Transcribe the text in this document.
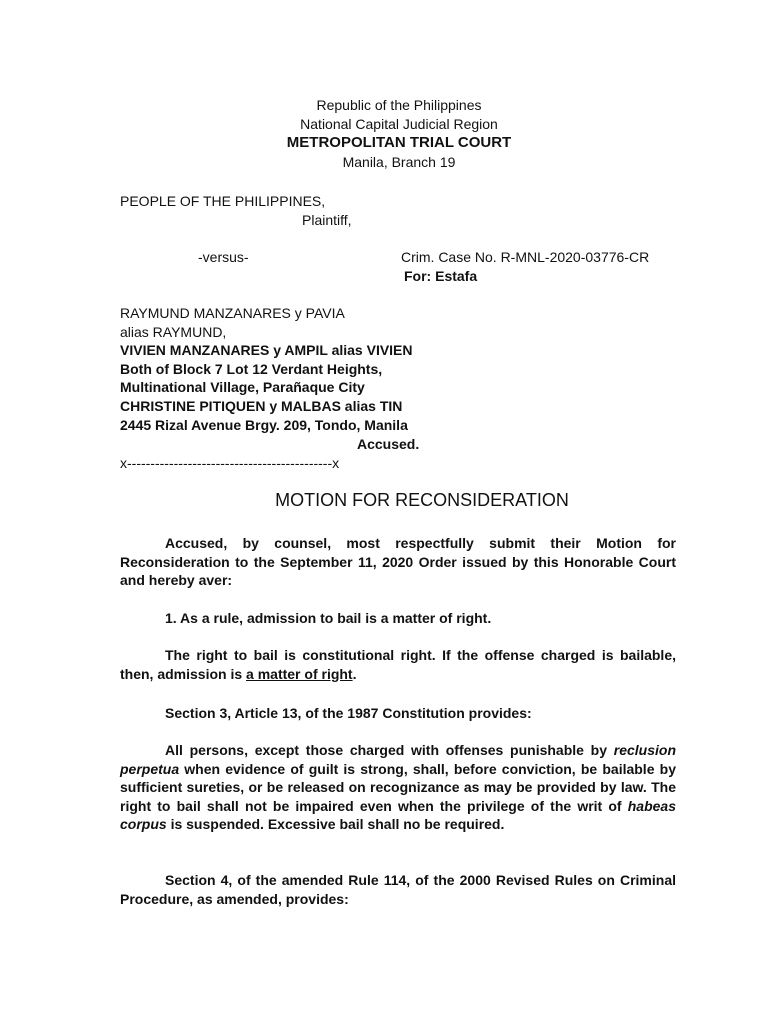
Republic of the Philippines
National Capital Judicial Region
METROPOLITAN TRIAL COURT
Manila, Branch 19
PEOPLE OF THE PHILIPPINES,
Plaintiff,
-versus-	Crim. Case No. R-MNL-2020-03776-CR
For: Estafa
RAYMUND MANZANARES y PAVIA
alias RAYMUND,
VIVIEN MANZANARES y AMPIL alias VIVIEN
Both of Block 7 Lot 12 Verdant Heights,
Multinational Village, Parañaque City
CHRISTINE PITIQUEN y MALBAS alias TIN
2445 Rizal Avenue Brgy. 209, Tondo, Manila
Accused.
x--------------------------------------------x
MOTION FOR RECONSIDERATION
Accused, by counsel, most respectfully submit their Motion for Reconsideration to the September 11, 2020 Order issued by this Honorable Court and hereby aver:
1. As a rule, admission to bail is a matter of right.
The right to bail is constitutional right. If the offense charged is bailable, then, admission is a matter of right.
Section 3, Article 13, of the 1987 Constitution provides:
All persons, except those charged with offenses punishable by reclusion perpetua when evidence of guilt is strong, shall, before conviction, be bailable by sufficient sureties, or be released on recognizance as may be provided by law. The right to bail shall not be impaired even when the privilege of the writ of habeas corpus is suspended. Excessive bail shall no be required.
Section 4, of the amended Rule 114, of the 2000 Revised Rules on Criminal Procedure, as amended, provides:
